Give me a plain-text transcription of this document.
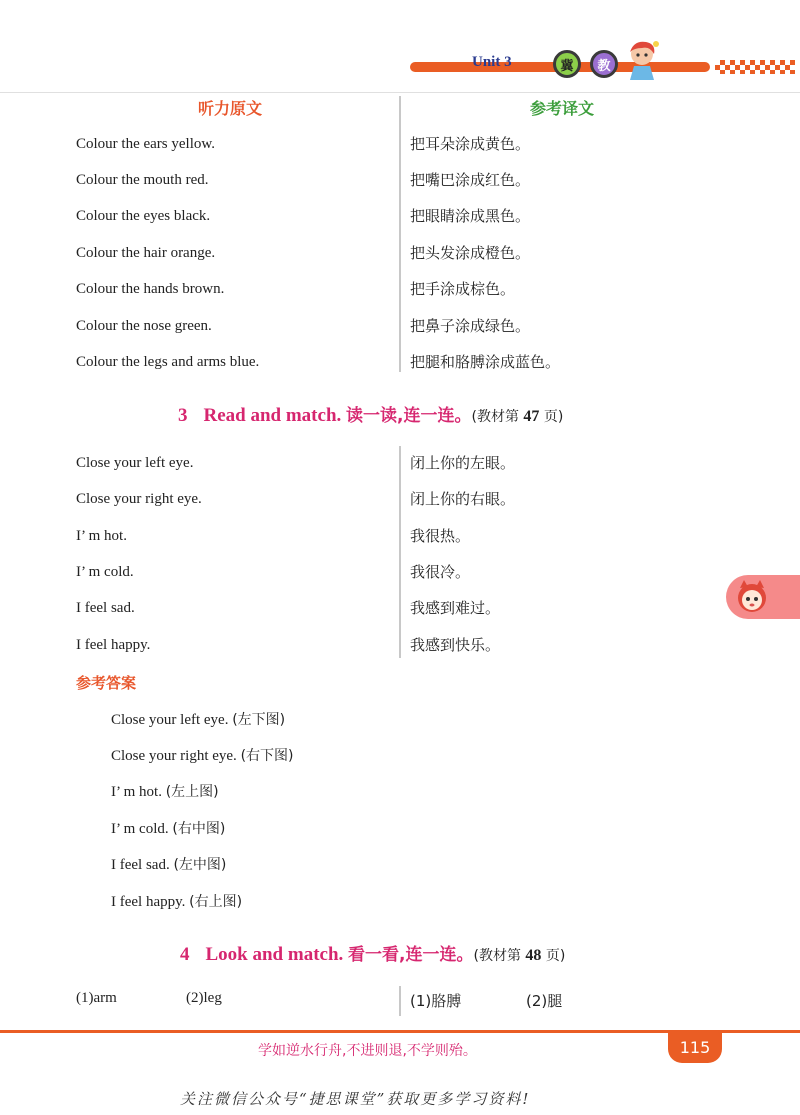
Unit 3	冀	教
听力原文	参考译文
Colour the ears yellow.	把耳朵涂成黄色。
Colour the mouth red.	把嘴巴涂成红色。
Colour the eyes black.	把眼睛涂成黑色。
Colour the hair orange.	把头发涂成橙色。
Colour the hands brown.	把手涂成棕色。
Colour the nose green.	把鼻子涂成绿色。
Colour the legs and arms blue.	把腿和胳膊涂成蓝色。
3 Read and match. 读一读,连一连。(教材第 47 页)
Close your left eye.	闭上你的左眼。
Close your right eye.	闭上你的右眼。
I’ m hot.	我很热。
I’ m cold.	我很冷。
I feel sad.	我感到难过。
I feel happy.	我感到快乐。
参考答案
Close your left eye. (左下图)
Close your right eye. (右下图)
I’ m hot. (左上图)
I’ m cold. (右中图)
I feel sad. (左中图)
I feel happy. (右上图)
4 Look and match. 看一看,连一连。(教材第 48 页)
(1)arm	(2)leg	(1)胳膊	(2)腿
学如逆水行舟,不进则退,不学则殆。	115
关注微信公众号“捷思课堂”获取更多学习资料!
